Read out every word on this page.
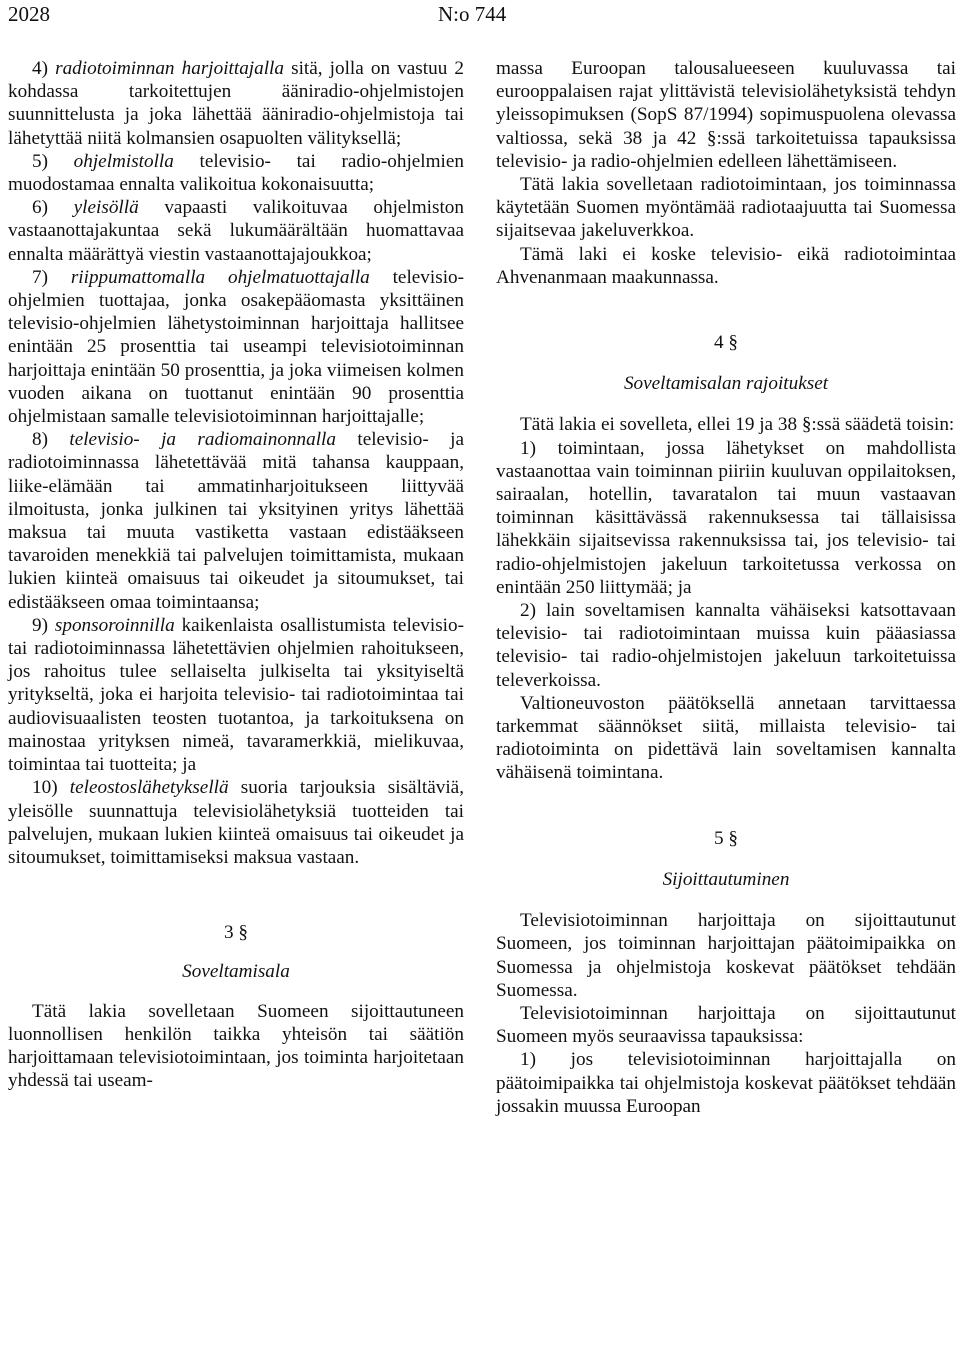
2028	N:o 744

4) radiotoiminnan harjoittajalla sitä, jolla on vastuu 2 kohdassa tarkoitettujen ääniradio-ohjelmistojen suunnittelusta ja joka lähettää ääniradio-ohjelmistoja tai lähetyttää niitä kolmansien osapuolten välityksellä;

5) ohjelmistolla televisio- tai radio-ohjelmien muodostamaa ennalta valikoitua kokonaisuutta;

6) yleisöllä vapaasti valikoituvaa ohjelmiston vastaanottajakuntaa sekä lukumäärältään huomattavaa ennalta määrättyä viestin vastaanottajajoukkoa;

7) riippumattomalla ohjelmatuottajalla televisio-ohjelmien tuottajaa, jonka osakepääomasta yksittäinen televisio-ohjelmien lähetystoiminnan harjoittaja hallitsee enintään 25 prosenttia tai useampi televisiotoiminnan harjoittaja enintään 50 prosenttia, ja joka viimeisen kolmen vuoden aikana on tuottanut enintään 90 prosenttia ohjelmistaan samalle televisiotoiminnan harjoittajalle;

8) televisio- ja radiomainonnalla televisio- ja radiotoiminnassa lähetettävää mitä tahansa kauppaan, liike-elämään tai ammatinharjoitukseen liittyvää ilmoitusta, jonka julkinen tai yksityinen yritys lähettää maksua tai muuta vastiketta vastaan edistääkseen tavaroiden menekkiä tai palvelujen toimittamista, mukaan lukien kiinteä omaisuus tai oikeudet ja sitoumukset, tai edistääkseen omaa toimintaansa;

9) sponsoroinnilla kaikenlaista osallistumista televisio- tai radiotoiminnassa lähetettävien ohjelmien rahoitukseen, jos rahoitus tulee sellaiselta julkiselta tai yksityiseltä yritykseltä, joka ei harjoita televisio- tai radiotoimintaa tai audiovisuaalisten teosten tuotantoa, ja tarkoituksena on mainostaa yrityksen nimeä, tavaramerkkiä, mielikuvaa, toimintaa tai tuotteita; ja

10) teleostoslähetyksellä suoria tarjouksia sisältäviä, yleisölle suunnattuja televisiolähetyksiä tuotteiden tai palvelujen, mukaan lukien kiinteä omaisuus tai oikeudet ja sitoumukset, toimittamiseksi maksua vastaan.

3 §

Soveltamisala

Tätä lakia sovelletaan Suomeen sijoittautuneen luonnollisen henkilön taikka yhteisön tai säätiön harjoittamaan televisiotoimintaan, jos toiminta harjoitetaan yhdessä tai useam-

massa Euroopan talousalueeseen kuuluvassa tai eurooppalaisen rajat ylittävistä televisiolähetyksistä tehdyn yleissopimuksen (SopS 87/1994) sopimuspuolena olevassa valtiossa, sekä 38 ja 42 §:ssä tarkoitetuissa tapauksissa televisio- ja radio-ohjelmien edelleen lähettämiseen.

Tätä lakia sovelletaan radiotoimintaan, jos toiminnassa käytetään Suomen myöntämää radiotaajuutta tai Suomessa sijaitsevaa jakeluverkkoa.

Tämä laki ei koske televisio- eikä radiotoimintaa Ahvenanmaan maakunnassa.

4 §

Soveltamisalan rajoitukset

Tätä lakia ei sovelleta, ellei 19 ja 38 §:ssä säädetä toisin:

1) toimintaan, jossa lähetykset on mahdollista vastaanottaa vain toiminnan piiriin kuuluvan oppilaitoksen, sairaalan, hotellin, tavaratalon tai muun vastaavan toiminnan käsittävässä rakennuksessa tai tällaisissa lähekkäin sijaitsevissa rakennuksissa tai, jos televisio- tai radio-ohjelmistojen jakeluun tarkoitetussa verkossa on enintään 250 liittymää; ja

2) lain soveltamisen kannalta vähäiseksi katsottavaan televisio- tai radiotoimintaan muissa kuin pääasiassa televisio- tai radio-ohjelmistojen jakeluun tarkoitetuissa televerkoissa.

Valtioneuvoston päätöksellä annetaan tarvittaessa tarkemmat säännökset siitä, millaista televisio- tai radiotoiminta on pidettävä lain soveltamisen kannalta vähäisenä toimintana.

5 §

Sijoittautuminen

Televisiotoiminnan harjoittaja on sijoittautunut Suomeen, jos toiminnan harjoittajan päätoimipaikka on Suomessa ja ohjelmistoja koskevat päätökset tehdään Suomessa.

Televisiotoiminnan harjoittaja on sijoittautunut Suomeen myös seuraavissa tapauksissa:

1) jos televisiotoiminnan harjoittajalla on päätoimipaikka tai ohjelmistoja koskevat päätökset tehdään jossakin muussa Euroopan
